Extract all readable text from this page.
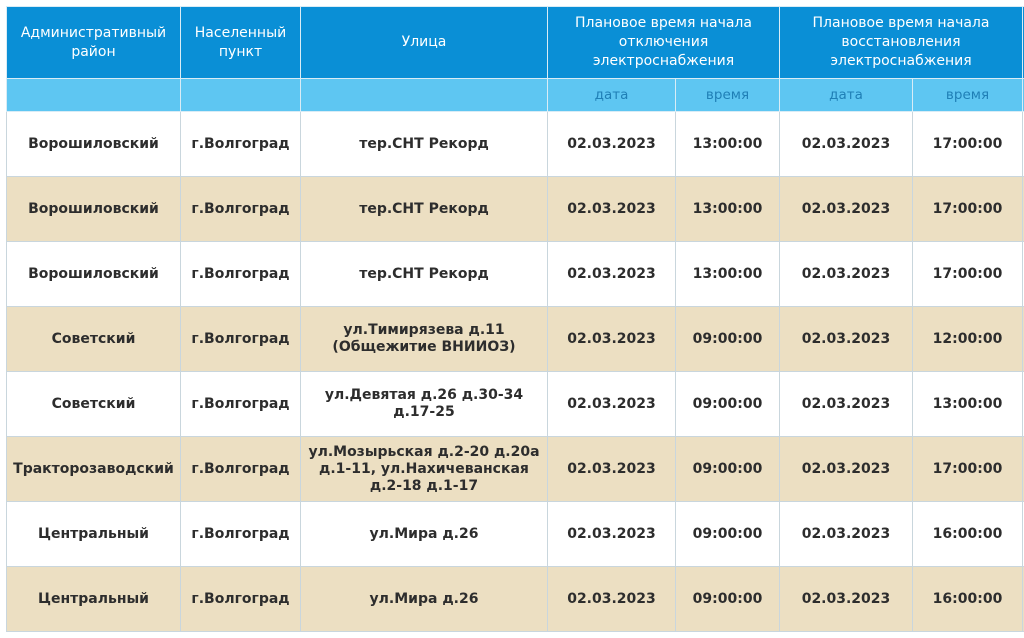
Административный район	Населенный пункт	Улица	Плановое время начала отключения электроснабжения		Плановое время начала восстановления электроснабжения		
			дата	время	дата	время	
Ворошиловский	г.Волгоград	тер.СНТ Рекорд	02.03.2023	13:00:00	02.03.2023	17:00:00	
Ворошиловский	г.Волгоград	тер.СНТ Рекорд	02.03.2023	13:00:00	02.03.2023	17:00:00	
Ворошиловский	г.Волгоград	тер.СНТ Рекорд	02.03.2023	13:00:00	02.03.2023	17:00:00	
Советский	г.Волгоград	ул.Тимирязева д.11 (Общежитие ВНИИОЗ)	02.03.2023	09:00:00	02.03.2023	12:00:00	
Советский	г.Волгоград	ул.Девятая д.26 д.30-34 д.17-25	02.03.2023	09:00:00	02.03.2023	13:00:00	
Тракторозаводский	г.Волгоград	ул.Мозырьская д.2-20 д.20а д.1-11, ул.Нахичеванская д.2-18 д.1-17	02.03.2023	09:00:00	02.03.2023	17:00:00	
Центральный	г.Волгоград	ул.Мира д.26	02.03.2023	09:00:00	02.03.2023	16:00:00	
Центральный	г.Волгоград	ул.Мира д.26	02.03.2023	09:00:00	02.03.2023	16:00:00	
